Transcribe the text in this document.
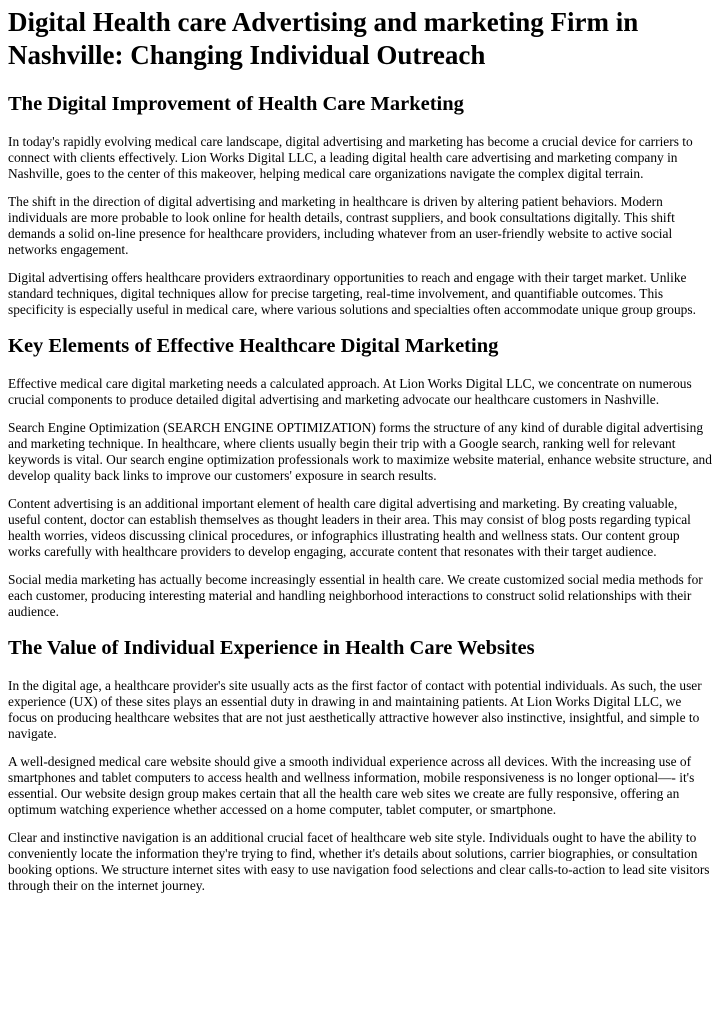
Digital Health care Advertising and marketing Firm in Nashville: Changing Individual Outreach
The Digital Improvement of Health Care Marketing

In today's rapidly evolving medical care landscape, digital advertising and marketing has become a crucial device for carriers to connect with clients effectively. Lion Works Digital LLC, a leading digital health care advertising and marketing company in Nashville, goes to the center of this makeover, helping medical care organizations navigate the complex digital terrain.

The shift in the direction of digital advertising and marketing in healthcare is driven by altering patient behaviors. Modern individuals are more probable to look online for health details, contrast suppliers, and book consultations digitally. This shift demands a solid on-line presence for healthcare providers, including whatever from an user-friendly website to active social networks engagement.

Digital advertising offers healthcare providers extraordinary opportunities to reach and engage with their target market. Unlike standard techniques, digital techniques allow for precise targeting, real-time involvement, and quantifiable outcomes. This specificity is especially useful in medical care, where various solutions and specialties often accommodate unique group groups.

Key Elements of Effective Healthcare Digital Marketing

Effective medical care digital marketing needs a calculated approach. At Lion Works Digital LLC, we concentrate on numerous crucial components to produce detailed digital advertising and marketing advocate our healthcare customers in Nashville.

Search Engine Optimization (SEARCH ENGINE OPTIMIZATION) forms the structure of any kind of durable digital advertising and marketing technique. In healthcare, where clients usually begin their trip with a Google search, ranking well for relevant keywords is vital. Our search engine optimization professionals work to maximize website material, enhance website structure, and develop quality back links to improve our customers' exposure in search results.

Content advertising is an additional important element of health care digital advertising and marketing. By creating valuable, useful content, doctor can establish themselves as thought leaders in their area. This may consist of blog posts regarding typical health worries, videos discussing clinical procedures, or infographics illustrating health and wellness stats. Our content group works carefully with healthcare providers to develop engaging, accurate content that resonates with their target audience.

Social media marketing has actually become increasingly essential in health care. We create customized social media methods for each customer, producing interesting material and handling neighborhood interactions to construct solid relationships with their audience.

The Value of Individual Experience in Health Care Websites

In the digital age, a healthcare provider's site usually acts as the first factor of contact with potential individuals. As such, the user experience (UX) of these sites plays an essential duty in drawing in and maintaining patients. At Lion Works Digital LLC, we focus on producing healthcare websites that are not just aesthetically attractive however also instinctive, insightful, and simple to navigate.

A well-designed medical care website should give a smooth individual experience across all devices. With the increasing use of smartphones and tablet computers to access health and wellness information, mobile responsiveness is no longer optional—- it's essential. Our website design group makes certain that all the health care web sites we create are fully responsive, offering an optimum watching experience whether accessed on a home computer, tablet computer, or smartphone.

Clear and instinctive navigation is an additional crucial facet of healthcare web site style. Individuals ought to have the ability to conveniently locate the information they're trying to find, whether it's details about solutions, carrier biographies, or consultation booking options. We structure internet sites with easy to use navigation food selections and clear calls-to-action to lead site visitors through their on the internet journey.
